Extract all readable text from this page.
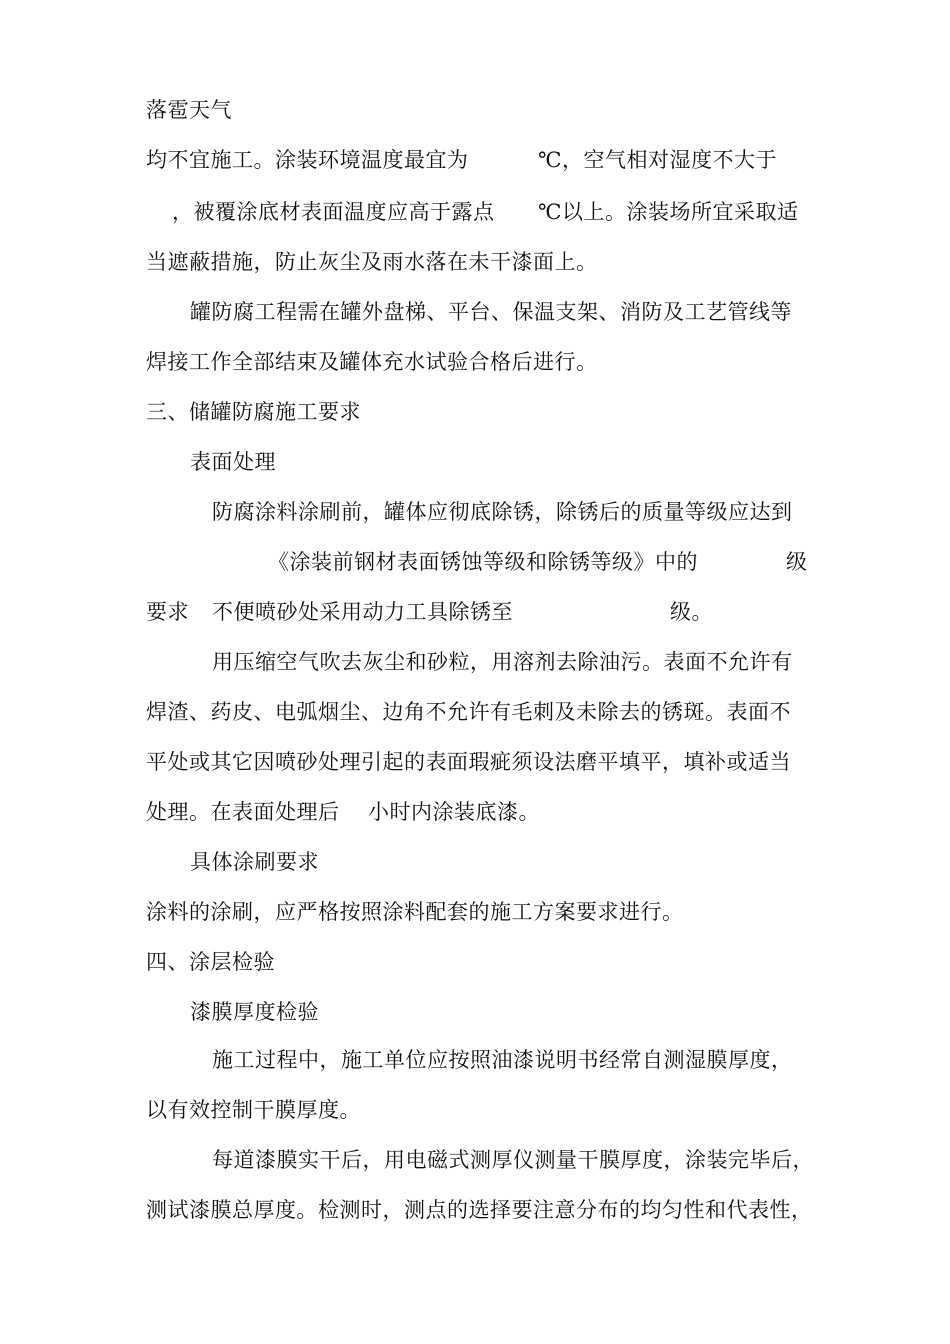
落雹天气
均不宜施工。涂装环境温度最宜为	℃，空气相对湿度不大于
，被覆涂底材表面温度应高于露点 ℃以上。涂装场所宜采取适
当遮蔽措施，防止灰尘及雨水落在未干漆面上。
罐防腐工程需在罐外盘梯、平台、保温支架、消防及工艺管线等
焊接工作全部结束及罐体充水试验合格后进行。
三、储罐防腐施工要求
表面处理
防腐涂料涂刷前，罐体应彻底除锈，除锈后的质量等级应达到
《涂装前钢材表面锈蚀等级和除锈等级》中的	级
要求 不便喷砂处采用动力工具除锈至	级。
用压缩空气吹去灰尘和砂粒，用溶剂去除油污。表面不允许有
焊渣、药皮、电弧烟尘、边角不允许有毛刺及未除去的锈斑。表面不
平处或其它因喷砂处理引起的表面瑕疵须设法磨平填平，填补或适当
处理。在表面处理后 小时内涂装底漆。
具体涂刷要求
涂料的涂刷，应严格按照涂料配套的施工方案要求进行。
四、涂层检验
漆膜厚度检验
施工过程中，施工单位应按照油漆说明书经常自测湿膜厚度，
以有效控制干膜厚度。
每道漆膜实干后，用电磁式测厚仪测量干膜厚度，涂装完毕后，
测试漆膜总厚度。检测时，测点的选择要注意分布的均匀性和代表性，
